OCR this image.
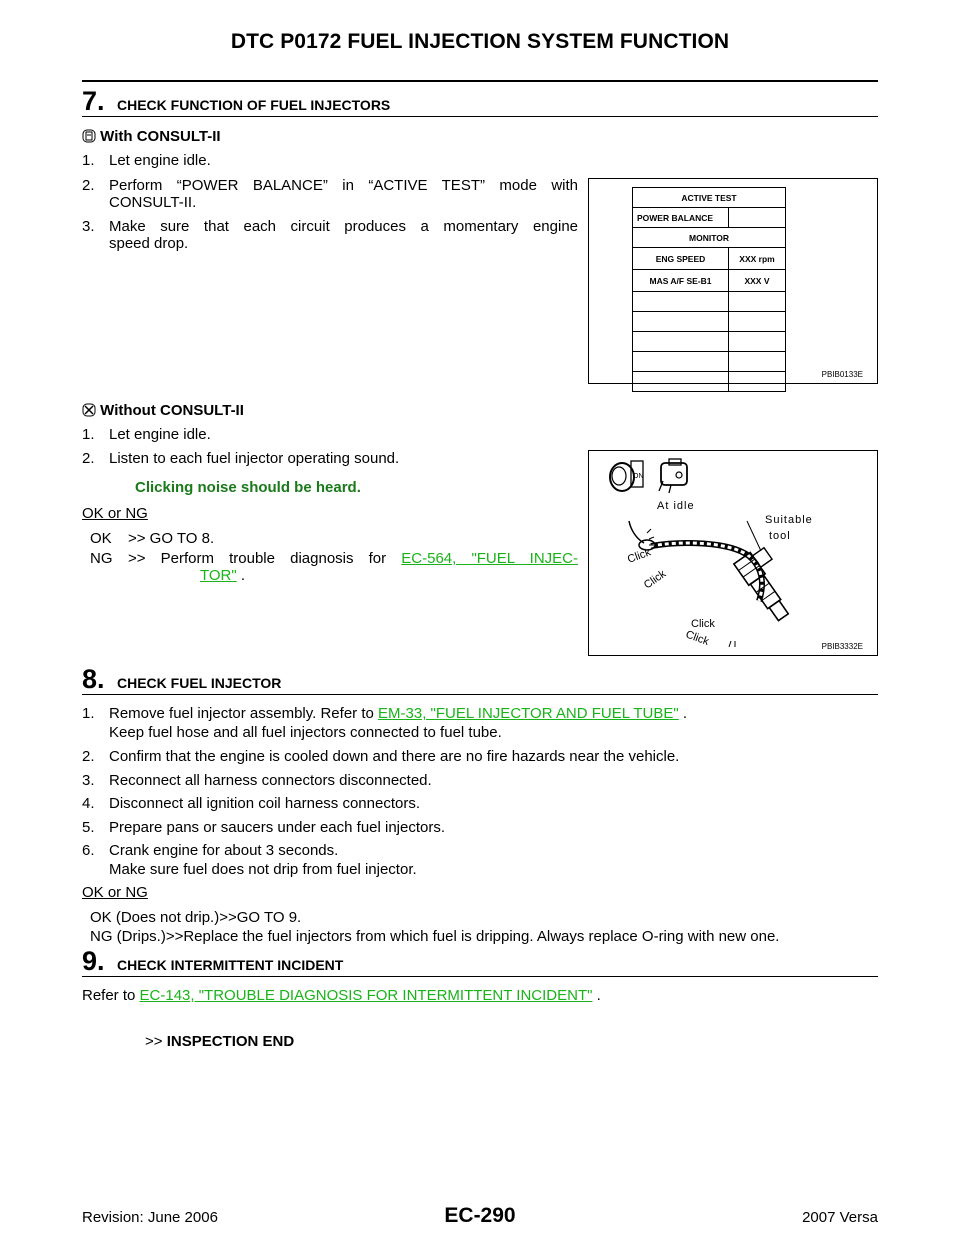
DTC P0172 FUEL INJECTION SYSTEM FUNCTION
7. CHECK FUNCTION OF FUEL INJECTORS
With CONSULT-II
1. Let engine idle.
2. Perform “POWER BALANCE” in “ACTIVE TEST” mode with
CONSULT-II.
3. Make sure that each circuit produces a momentary engine
speed drop.
ACTIVE TEST	
POWER BALANCE	
MONITOR	
ENG SPEED	XXX rpm
MAS A/F SE-B1	XXX V

PBIB0133E
Without CONSULT-II
1. Let engine idle.
2. Listen to each fuel injector operating sound.
Clicking noise should be heard.
OK or NG
OK >> GO TO 8.
NG >> Perform trouble diagnosis for EC-564, "FUEL INJEC-
TOR" .
ON
At idle
Suitable
tool
Click
Click
Click
Click	PBIB3332E
8. CHECK FUEL INJECTOR
1. Remove fuel injector assembly. Refer to EM-33, "FUEL INJECTOR AND FUEL TUBE" .
Keep fuel hose and all fuel injectors connected to fuel tube.
2. Confirm that the engine is cooled down and there are no fire hazards near the vehicle.
3. Reconnect all harness connectors disconnected.
4. Disconnect all ignition coil harness connectors.
5. Prepare pans or saucers under each fuel injectors.
6. Crank engine for about 3 seconds.
Make sure fuel does not drip from fuel injector.
OK or NG
OK (Does not drip.)>>GO TO 9.
NG (Drips.)>>Replace the fuel injectors from which fuel is dripping. Always replace O-ring with new one.
9. CHECK INTERMITTENT INCIDENT
Refer to EC-143, "TROUBLE DIAGNOSIS FOR INTERMITTENT INCIDENT" .
>> INSPECTION END
Revision: June 2006	EC-290	2007 Versa
